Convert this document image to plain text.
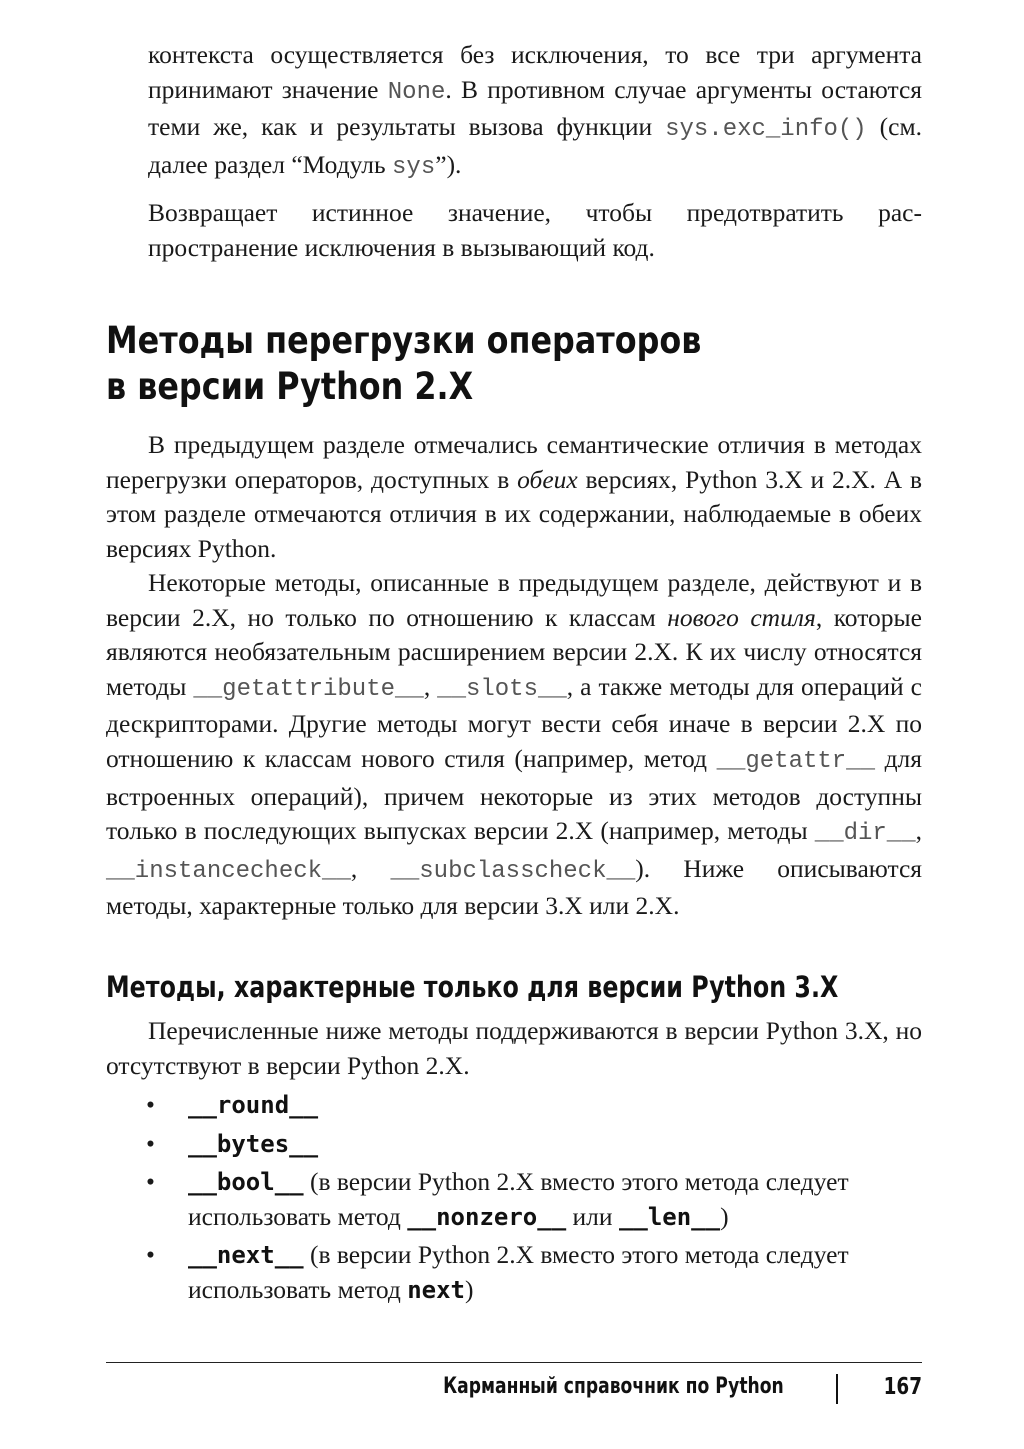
контекста осуществляется без исключения, то все три аргумента принимают значение None. В противном случае аргументы остаются теми же, как и результаты вызова функции sys.exc_info() (см. далее раздел “Модуль sys”).

Возвращает истинное значение, чтобы предотвратить распространение исключения в вызывающий код.

Методы перегрузки операторов
в версии Python 2.X

В предыдущем разделе отмечались семантические отличия в методах перегрузки операторов, доступных в обеих версиях, Python 3.X и 2.X. А в этом разделе отмечаются отличия в их содержании, наблюдаемые в обеих версиях Python.

Некоторые методы, описанные в предыдущем разделе, действуют и в версии 2.X, но только по отношению к классам нового стиля, которые являются необязательным расширением версии 2.X. К их числу относятся методы __getattribute__, __slots__, а также методы для операций с дескрипторами. Другие методы могут вести себя иначе в версии 2.X по отношению к классам нового стиля (например, метод __getattr__ для встроенных операций), причем некоторые из этих методов доступны только в последующих выпусках версии 2.X (например, методы __dir__, __instancecheck__, __subclasscheck__). Ниже описываются методы, характерные только для версии 3.X или 2.X.

Методы, характерные только для версии Python 3.X

Перечисленные ниже методы поддерживаются в версии Python 3.X, но отсутствуют в версии Python 2.X.

• __round__
• __bytes__
• __bool__ (в версии Python 2.X вместо этого метода следует использовать метод __nonzero__ или __len__)
• __next__ (в версии Python 2.X вместо этого метода следует использовать метод next)
Карманный справочник по Python	167
